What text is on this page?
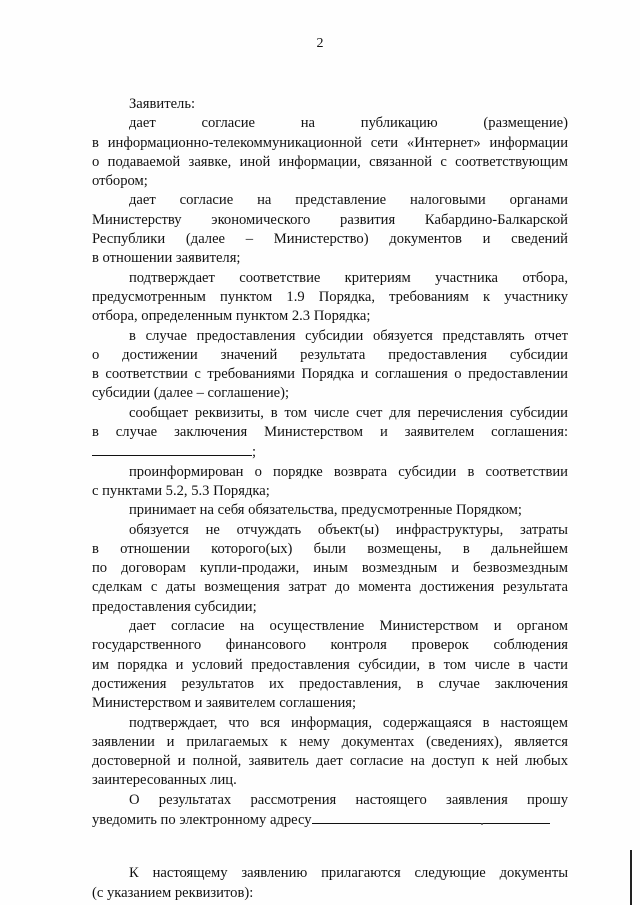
2
Заявитель:
дает согласие на публикацию (размещение)
в информационно-телекоммуникационной сети «Интернет» информации
о подаваемой заявке, иной информации, связанной с соответствующим
отбором;
дает согласие на представление налоговыми органами
Министерству экономического развития Кабардино-Балкарской
Республики (далее – Министерство) документов и сведений
в отношении заявителя;
подтверждает соответствие критериям участника отбора,
предусмотренным пунктом 1.9 Порядка, требованиям к участнику
отбора, определенным пунктом 2.3 Порядка;
в случае предоставления субсидии обязуется представлять отчет
о достижении значений результата предоставления субсидии
в соответствии с требованиями Порядка и соглашения о предоставлении
субсидии (далее – соглашение);
сообщает реквизиты, в том числе счет для перечисления субсидии
в случае заключения Министерством и заявителем соглашения:
;
проинформирован о порядке возврата субсидии в соответствии
с пунктами 5.2, 5.3 Порядка;
принимает на себя обязательства, предусмотренные Порядком;
обязуется не отчуждать объект(ы) инфраструктуры, затраты
в отношении которого(ых) были возмещены, в дальнейшем
по договорам купли-продажи, иным возмездным и безвозмездным
сделкам с даты возмещения затрат до момента достижения результата
предоставления субсидии;
дает согласие на осуществление Министерством и органом
государственного финансового контроля проверок соблюдения
им порядка и условий предоставления субсидии, в том числе в части
достижения результатов их предоставления, в случае заключения
Министерством и заявителем соглашения;
подтверждает, что вся информация, содержащаяся в настоящем
заявлении и прилагаемых к нему документах (сведениях), является
достоверной и полной, заявитель дает согласие на доступ к ней любых
заинтересованных лиц.
О результатах рассмотрения настоящего заявления прошу
уведомить по электронному адресу
К настоящему заявлению прилагаются следующие документы
(с указанием реквизитов):
